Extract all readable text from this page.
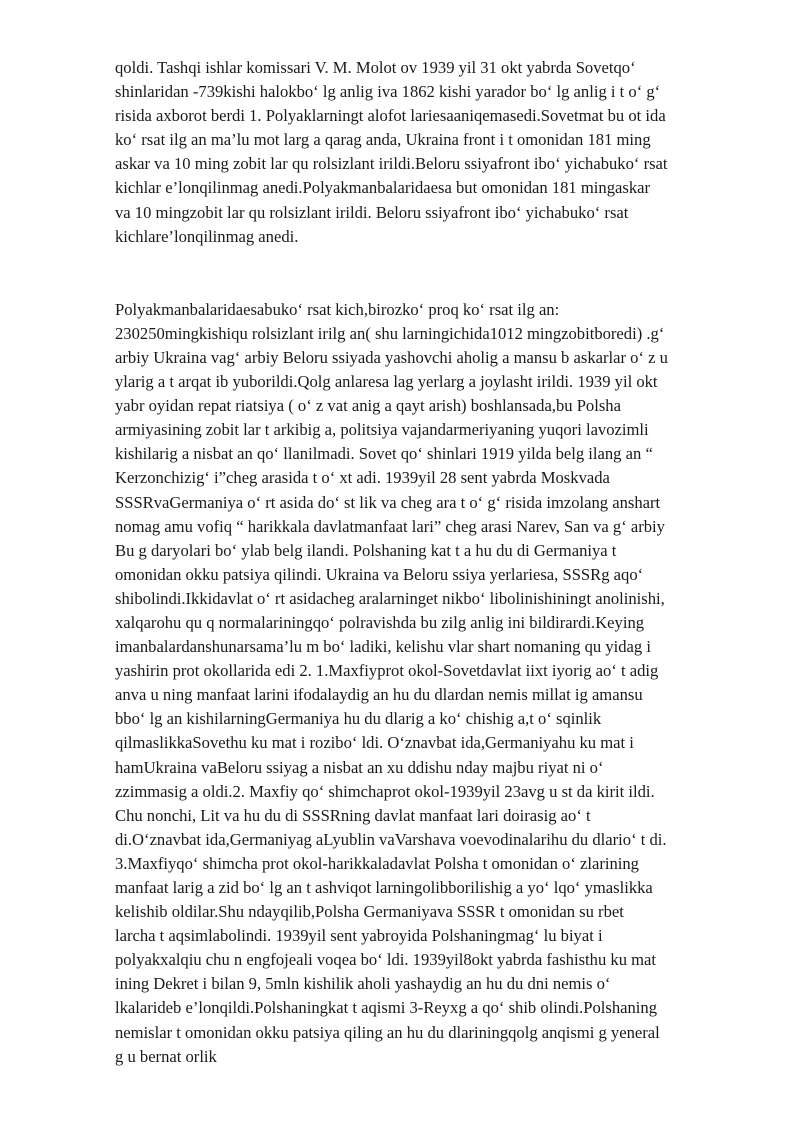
qoldi. Tashqi ishlar komissari V. M. Molot ov 1939 yil 31 okt yabrda Sovetqo‘
shinlaridan -739kishi halokbo‘ lg anlig iva 1862 kishi yarador bo‘ lg anlig i t o‘ g‘
risida axborot berdi 1. Polyaklarningt alofot lariesaaniqemasedi.Sovetmat bu ot ida
ko‘ rsat ilg an ma’lu mot larg a qarag anda, Ukraina front i t omonidan 181 ming
askar va 10 ming zobit lar qu rolsizlant irildi.Beloru ssiyafront ibo‘ yichabuko‘ rsat
kichlar e’lonqilinmag anedi.Polyakmanbalaridaesa but omonidan 181 mingaskar
va 10 mingzobit lar qu rolsizlant irildi. Beloru ssiyafront ibo‘ yichabuko‘ rsat
kichlare’lonqilinmag anedi.
Polyakmanbalaridaesabuko‘ rsat kich,birozko‘ proq ko‘ rsat ilg an:
230250mingkishiqu rolsizlant irilg an( shu larningichida1012 mingzobitboredi) .g‘
arbiy Ukraina vag‘ arbiy Beloru ssiyada yashovchi aholig a mansu b askarlar o‘ z u
ylarig a t arqat ib yuborildi.Qolg anlaresa lag yerlarg a joylasht irildi. 1939 yil okt
yabr oyidan repat riatsiya ( o‘ z vat anig a qayt arish) boshlansada,bu Polsha
armiyasining zobit lar t arkibig a, politsiya vajandarmeriyaning yuqori lavozimli
kishilarig a nisbat an qo‘ llanilmadi. Sovet qo‘ shinlari 1919 yilda belg ilang an “
Kerzonchizig‘ i”cheg arasida t o‘ xt adi. 1939yil 28 sent yabrda Moskvada
SSSRvaGermaniya o‘ rt asida do‘ st lik va cheg ara t o‘ g‘ risida imzolang anshart
nomag amu vofiq “ harikkala davlatmanfaat lari” cheg arasi Narev, San va g‘ arbiy
Bu g daryolari bo‘ ylab belg ilandi. Polshaning kat t a hu du di Germaniya t
omonidan okku patsiya qilindi. Ukraina va Beloru ssiya yerlariesa, SSSRg aqo‘
shibolindi.Ikkidavlat o‘ rt asidacheg aralarninget nikbo‘ libolinishiningt anolinishi,
xalqarohu qu q normalariningqo‘ polravishda bu zilg anlig ini bildirardi.Keying
imanbalardanshunarsama’lu m bo‘ ladiki, kelishu vlar shart nomaning qu yidag i
yashirin prot okollarida edi 2. 1.Maxfiyprot okol-Sovetdavlat iixt iyorig ao‘ t adig
anva u ning manfaat larini ifodalaydig an hu du dlardan nemis millat ig amansu
bbo‘ lg an kishilarningGermaniya hu du dlarig a ko‘ chishig a,t o‘ sqinlik
qilmaslikkaSovethu ku mat i rozibo‘ ldi. O‘znavbat ida,Germaniyahu ku mat i
hamUkraina vaBeloru ssiyag a nisbat an xu ddishu nday majbu riyat ni o‘
zzimmasig a oldi.2. Maxfiy qo‘ shimchaprot okol-1939yil 23avg u st da kirit ildi.
Chu nonchi, Lit va hu du di SSSRning davlat manfaat lari doirasig ao‘ t
di.O‘znavbat ida,Germaniyag aLyublin vaVarshava voevodinalarihu du dlario‘ t di.
3.Maxfiyqo‘ shimcha prot okol-harikkaladavlat Polsha t omonidan o‘ zlarining
manfaat larig a zid bo‘ lg an t ashviqot larningolibborilishig a yo‘ lqo‘ ymaslikka
kelishib oldilar.Shu ndayqilib,Polsha Germaniyava SSSR t omonidan su rbet
larcha t aqsimlabolindi. 1939yil sent yabroyida Polshaningmag‘ lu biyat i
polyakxalqiu chu n engfojeali voqea bo‘ ldi. 1939yil8okt yabrda fashisthu ku mat
ining Dekret i bilan 9, 5mln kishilik aholi yashaydig an hu du dni nemis o‘
lkalarideb e’lonqildi.Polshaningkat t aqismi 3-Reyxg a qo‘ shib olindi.Polshaning
nemislar t omonidan okku patsiya qiling an hu du dlariningqolg anqismi g yeneral
g u bernat orlik
